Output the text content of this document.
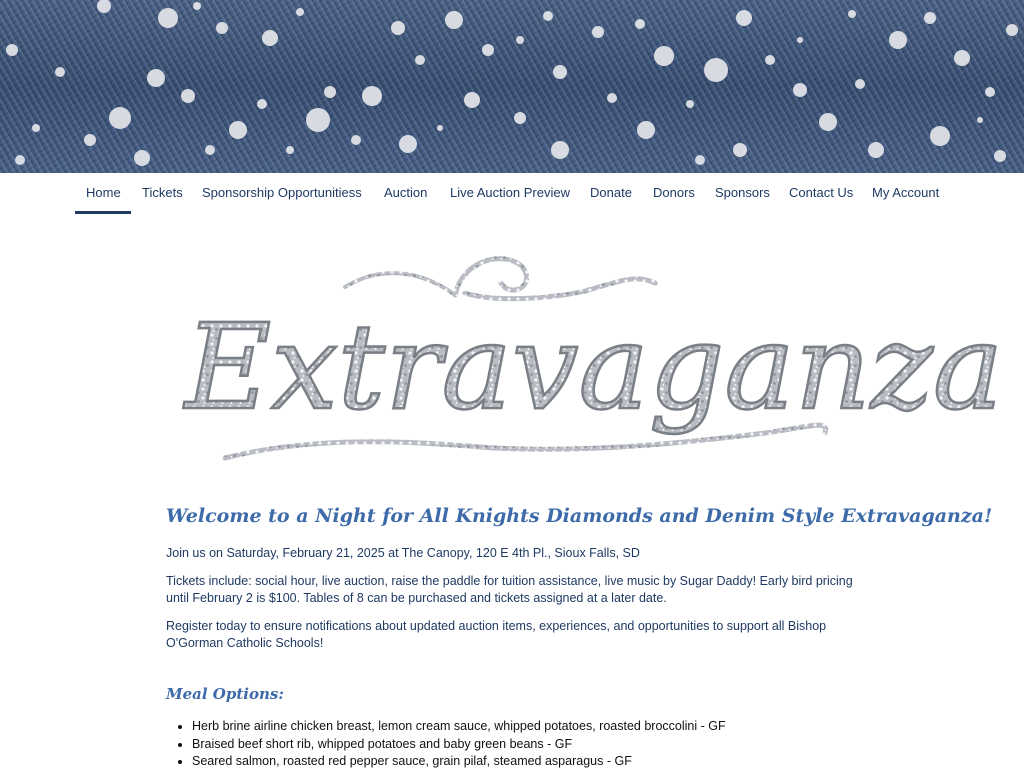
Home Tickets Sponsorship Opportunitiess Auction Live Auction Preview Donate Donors Sponsors Contact Us My Account
Extravaganza
Welcome to a Night for All Knights Diamonds and Denim Style Extravaganza!

Join us on Saturday, February 21, 2025 at The Canopy, 120 E 4th Pl., Sioux Falls, SD

Tickets include: social hour, live auction, raise the paddle for tuition assistance, live music by Sugar Daddy! Early bird pricing until February 2 is $100. Tables of 8 can be purchased and tickets assigned at a later date.

Register today to ensure notifications about updated auction items, experiences, and opportunities to support all Bishop O'Gorman Catholic Schools!

Meal Options:
• Herb brine airline chicken breast, lemon cream sauce, whipped potatoes, roasted broccolini - GF
• Braised beef short rib, whipped potatoes and baby green beans - GF
• Seared salmon, roasted red pepper sauce, grain pilaf, steamed asparagus - GF
